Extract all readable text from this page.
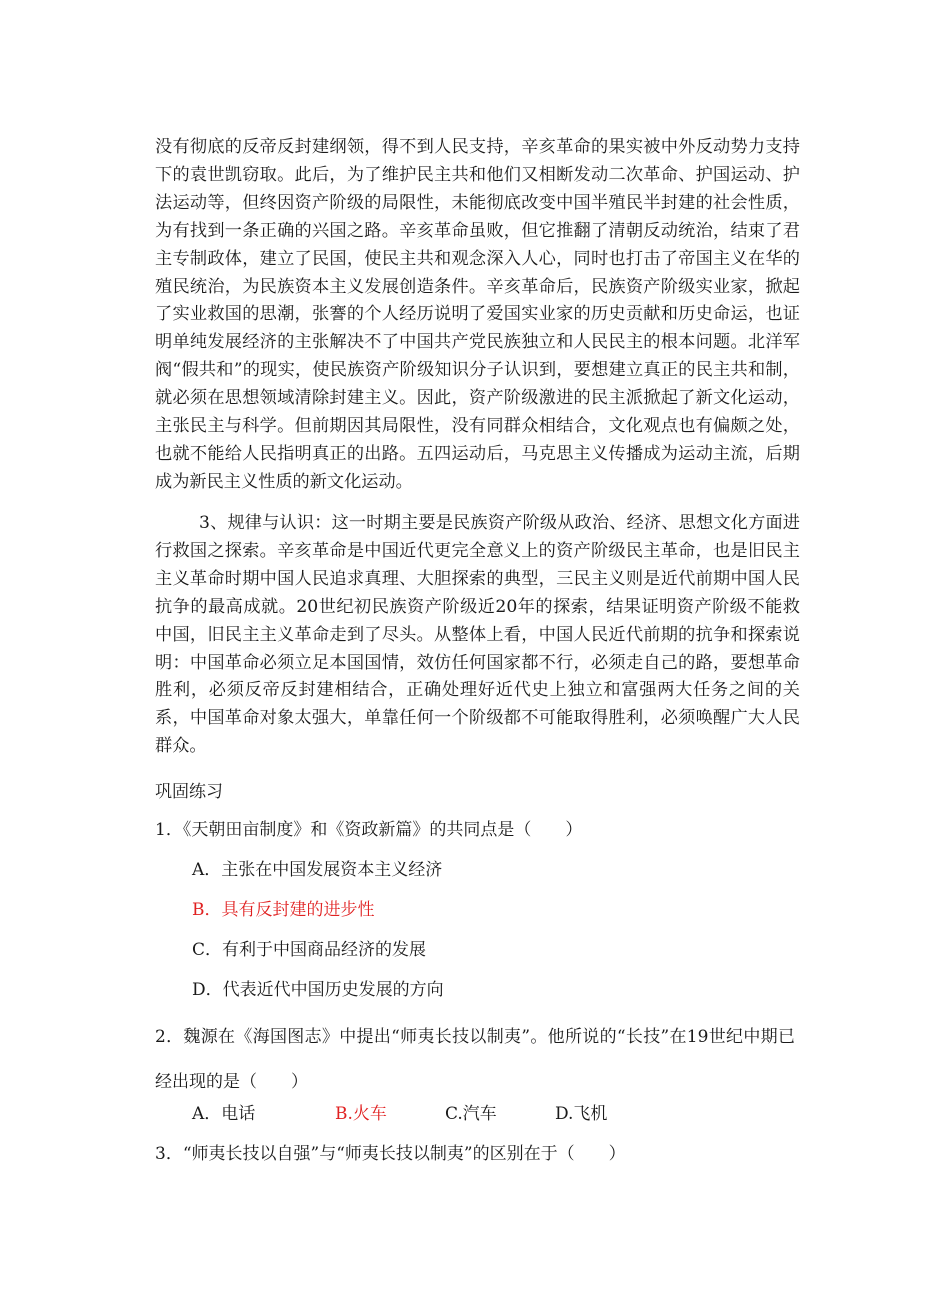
没有彻底的反帝反封建纲领，得不到人民支持，辛亥革命的果实被中外反动势力支持下的袁世凯窃取。此后，为了维护民主共和他们又相断发动二次革命、护国运动、护法运动等，但终因资产阶级的局限性，未能彻底改变中国半殖民半封建的社会性质，为有找到一条正确的兴国之路。辛亥革命虽败，但它推翻了清朝反动统治，结束了君主专制政体，建立了民国，使民主共和观念深入人心，同时也打击了帝国主义在华的殖民统治，为民族资本主义发展创造条件。辛亥革命后，民族资产阶级实业家，掀起了实业救国的思潮，张謇的个人经历说明了爱国实业家的历史贡献和历史命运，也证明单纯发展经济的主张解决不了中国共产党民族独立和人民民主的根本问题。北洋军阀“假共和”的现实，使民族资产阶级知识分子认识到，要想建立真正的民主共和制，就必须在思想领域清除封建主义。因此，资产阶级激进的民主派掀起了新文化运动，主张民主与科学。但前期因其局限性，没有同群众相结合，文化观点也有偏颇之处，也就不能给人民指明真正的出路。五四运动后，马克思主义传播成为运动主流，后期成为新民主义性质的新文化运动。

3、规律与认识：这一时期主要是民族资产阶级从政治、经济、思想文化方面进行救国之探索。辛亥革命是中国近代更完全意义上的资产阶级民主革命，也是旧民主主义革命时期中国人民追求真理、大胆探索的典型，三民主义则是近代前期中国人民抗争的最高成就。20世纪初民族资产阶级近20年的探索，结果证明资产阶级不能救中国，旧民主主义革命走到了尽头。从整体上看，中国人民近代前期的抗争和探索说明：中国革命必须立足本国国情，效仿任何国家都不行，必须走自己的路，要想革命胜利，必须反帝反封建相结合，正确处理好近代史上独立和富强两大任务之间的关系，中国革命对象太强大，单靠任何一个阶级都不可能取得胜利，必须唤醒广大人民群众。

巩固练习

1．《天朝田亩制度》和《资政新篇》的共同点是（　　）

A．主张在中国发展资本主义经济

B．具有反封建的进步性

C．有利于中国商品经济的发展

D．代表近代中国历史发展的方向

2．魏源在《海国图志》中提出“师夷长技以制夷”。他所说的“长技”在19世纪中期已经出现的是（　　）

A．电话	B.火车	C.汽车	D.飞机

3．“师夷长技以自强”与“师夷长技以制夷”的区别在于（　　）
